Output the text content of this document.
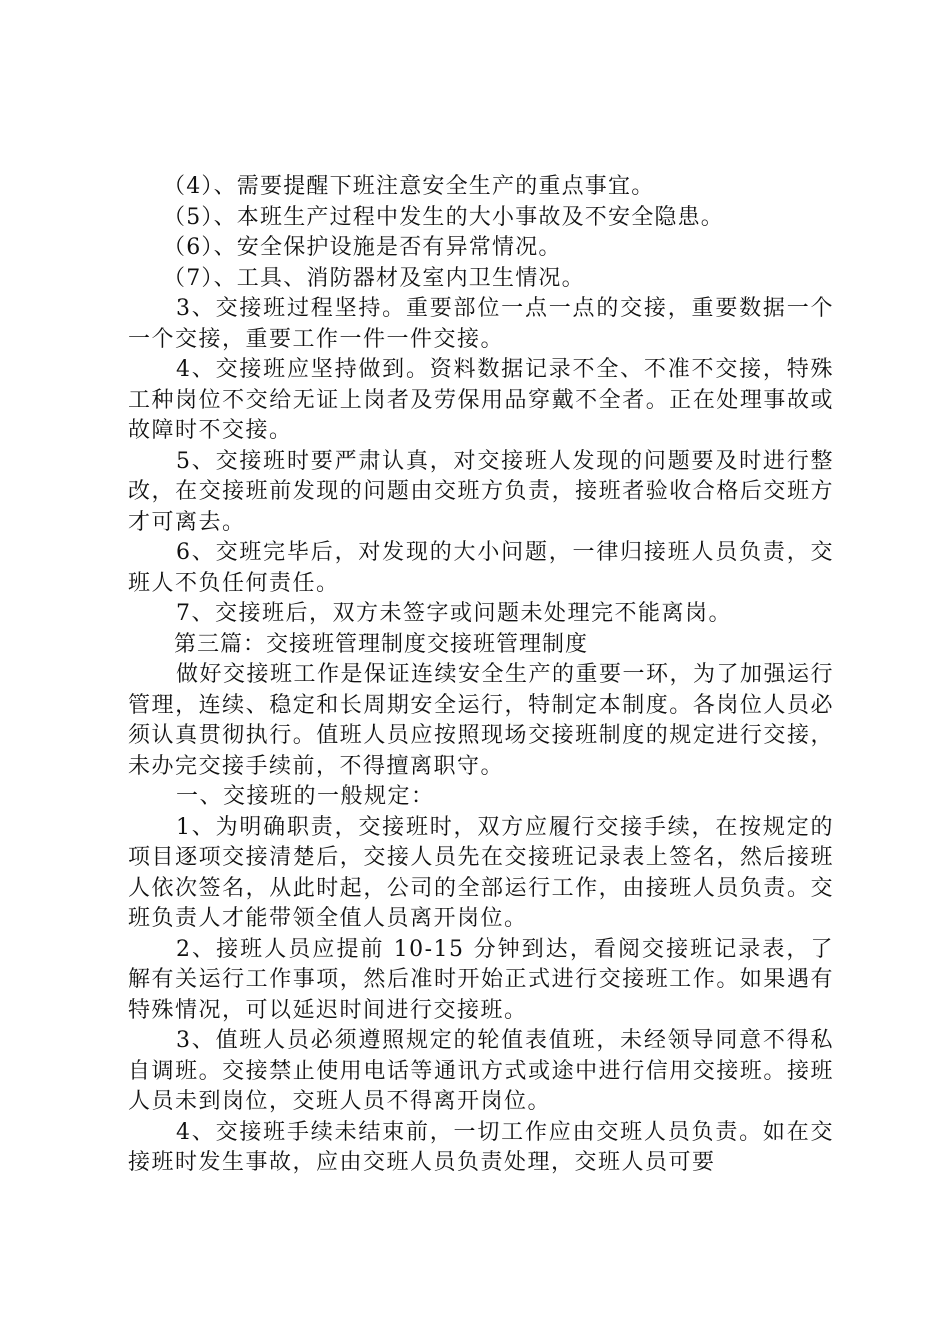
（4）、需要提醒下班注意安全生产的重点事宜。

（5）、本班生产过程中发生的大小事故及不安全隐患。

（6）、安全保护设施是否有异常情况。

（7）、工具、消防器材及室内卫生情况。

3、交接班过程坚持。重要部位一点一点的交接，重要数据一个一个交接，重要工作一件一件交接。

4、交接班应坚持做到。资料数据记录不全、不准不交接，特殊工种岗位不交给无证上岗者及劳保用品穿戴不全者。正在处理事故或故障时不交接。

5、交接班时要严肃认真，对交接班人发现的问题要及时进行整改，在交接班前发现的问题由交班方负责，接班者验收合格后交班方才可离去。

6、交班完毕后，对发现的大小问题，一律归接班人员负责，交班人不负任何责任。

7、交接班后，双方未签字或问题未处理完不能离岗。

第三篇：交接班管理制度交接班管理制度

做好交接班工作是保证连续安全生产的重要一环，为了加强运行管理，连续、稳定和长周期安全运行，特制定本制度。各岗位人员必须认真贯彻执行。值班人员应按照现场交接班制度的规定进行交接，未办完交接手续前，不得擅离职守。

一、交接班的一般规定：

1、为明确职责，交接班时，双方应履行交接手续，在按规定的项目逐项交接清楚后，交接人员先在交接班记录表上签名，然后接班人依次签名，从此时起，公司的全部运行工作，由接班人员负责。交班负责人才能带领全值人员离开岗位。

2、接班人员应提前 10-15 分钟到达，看阅交接班记录表，了解有关运行工作事项，然后准时开始正式进行交接班工作。如果遇有特殊情况，可以延迟时间进行交接班。

3、值班人员必须遵照规定的轮值表值班，未经领导同意不得私自调班。交接禁止使用电话等通讯方式或途中进行信用交接班。接班人员未到岗位，交班人员不得离开岗位。

4、交接班手续未结束前，一切工作应由交班人员负责。如在交接班时发生事故，应由交班人员负责处理，交班人员可要
